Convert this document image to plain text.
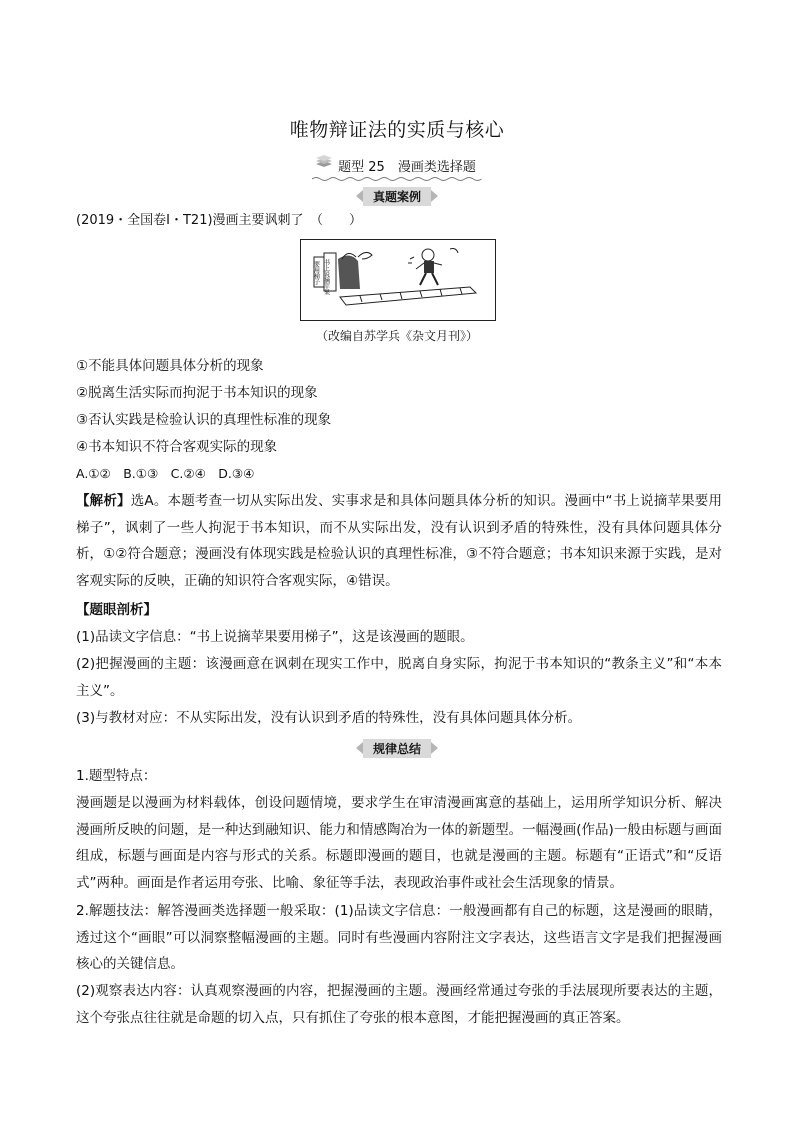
唯物辩证法的实质与核心
题型 25　漫画类选择题
真题案例
(2019・全国卷Ⅰ・T21)漫画主要讽刺了　（　　）
书上说摘苹果
要用梯子
（改编自苏学兵《杂文月刊》）
①不能具体问题具体分析的现象
②脱离生活实际而拘泥于书本知识的现象
③否认实践是检验认识的真理性标准的现象
④书本知识不符合客观实际的现象
A.①②　B.①③　C.②④　D.③④
【解析】选A。本题考查一切从实际出发、实事求是和具体问题具体分析的知识。漫画中“书上说摘苹果要用梯子”，讽刺了一些人拘泥于书本知识，而不从实际出发，没有认识到矛盾的特殊性，没有具体问题具体分析，①②符合题意；漫画没有体现实践是检验认识的真理性标准，③不符合题意；书本知识来源于实践，是对客观实际的反映，正确的知识符合客观实际，④错误。
【题眼剖析】
(1)品读文字信息：“书上说摘苹果要用梯子”，这是该漫画的题眼。
(2)把握漫画的主题：该漫画意在讽刺在现实工作中，脱离自身实际，拘泥于书本知识的“教条主义”和“本本主义”。
(3)与教材对应：不从实际出发，没有认识到矛盾的特殊性，没有具体问题具体分析。
规律总结
1.题型特点：
漫画题是以漫画为材料载体，创设问题情境，要求学生在审清漫画寓意的基础上，运用所学知识分析、解决漫画所反映的问题，是一种达到融知识、能力和情感陶冶为一体的新题型。一幅漫画(作品)一般由标题与画面组成，标题与画面是内容与形式的关系。标题即漫画的题目，也就是漫画的主题。标题有“正语式”和“反语式”两种。画面是作者运用夸张、比喻、象征等手法，表现政治事件或社会生活现象的情景。
2.解题技法：解答漫画类选择题一般采取：(1)品读文字信息：一般漫画都有自己的标题，这是漫画的眼睛，透过这个“画眼”可以洞察整幅漫画的主题。同时有些漫画内容附注文字表达，这些语言文字是我们把握漫画核心的关键信息。
(2)观察表达内容：认真观察漫画的内容，把握漫画的主题。漫画经常通过夸张的手法展现所要表达的主题，这个夸张点往往就是命题的切入点，只有抓住了夸张的根本意图，才能把握漫画的真正答案。
